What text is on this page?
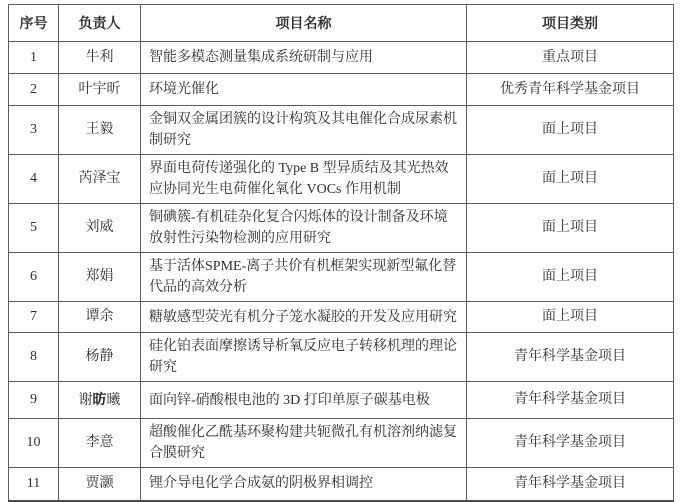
序号	负责人	项目名称	项目类别
1	牛利	智能多模态测量集成系统研制与应用	重点项目
2	叶宇昕	环境光催化	优秀青年科学基金项目
3	王毅	金铜双金属团簇的设计构筑及其电催化合成尿素机制研究	面上项目
4	芮泽宝	界面电荷传递强化的 Type B 型异质结及其光热效应协同光生电荷催化氧化 VOCs 作用机制	面上项目
5	刘威	铜碘簇-有机硅杂化复合闪烁体的设计制备及环境放射性污染物检测的应用研究	面上项目
6	郑娟	基于活体SPME-离子共价有机框架实现新型氟化替代品的高效分析	面上项目
7	谭余	糖敏感型荧光有机分子笼水凝胶的开发及应用研究	面上项目
8	杨静	硅化铂表面摩擦诱导析氧反应电子转移机理的理论研究	青年科学基金项目
9	谢昉曦	面向锌-硝酸根电池的 3D 打印单原子碳基电极	青年科学基金项目
10	李意	超酸催化乙酰基环聚构建共轭微孔有机溶剂纳滤复合膜研究	青年科学基金项目
11	贾灏	锂介导电化学合成氨的阴极界相调控	青年科学基金项目
